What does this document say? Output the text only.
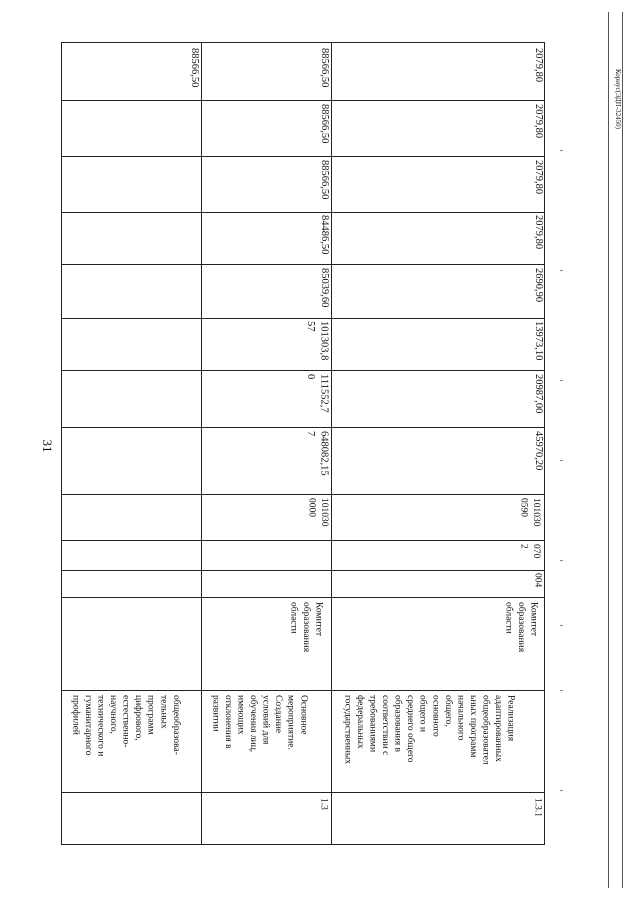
31
Корнус(ЭДП-32450)
88566,50
общеобразова-
тельных
программ
цифрового,
естественно-
научного,
технического и
гуманитарного
профилей
88566,50
88566,50
88566,50
84486,50
85039,60
101303,8
57
111552,7
0
648082,15
7
101030
0000
Комитет
образования
области
Основное
мероприятие.
Создание
условий для
обучения лиц,
имеющих
отклонения в
развитии
1.3
2079,80
2079,80
2079,80
2079,80
2690,90
13973,10
20987,00
45970,20
101030
0590
070
2
004
Комитет
образования
области
Реализация
адаптированных
общеобразовател
ьных программ
начального
общего,
основного
общего и
среднего общего
образования в
соответствии с
требованиями
федеральных
государственных
1.3.1
